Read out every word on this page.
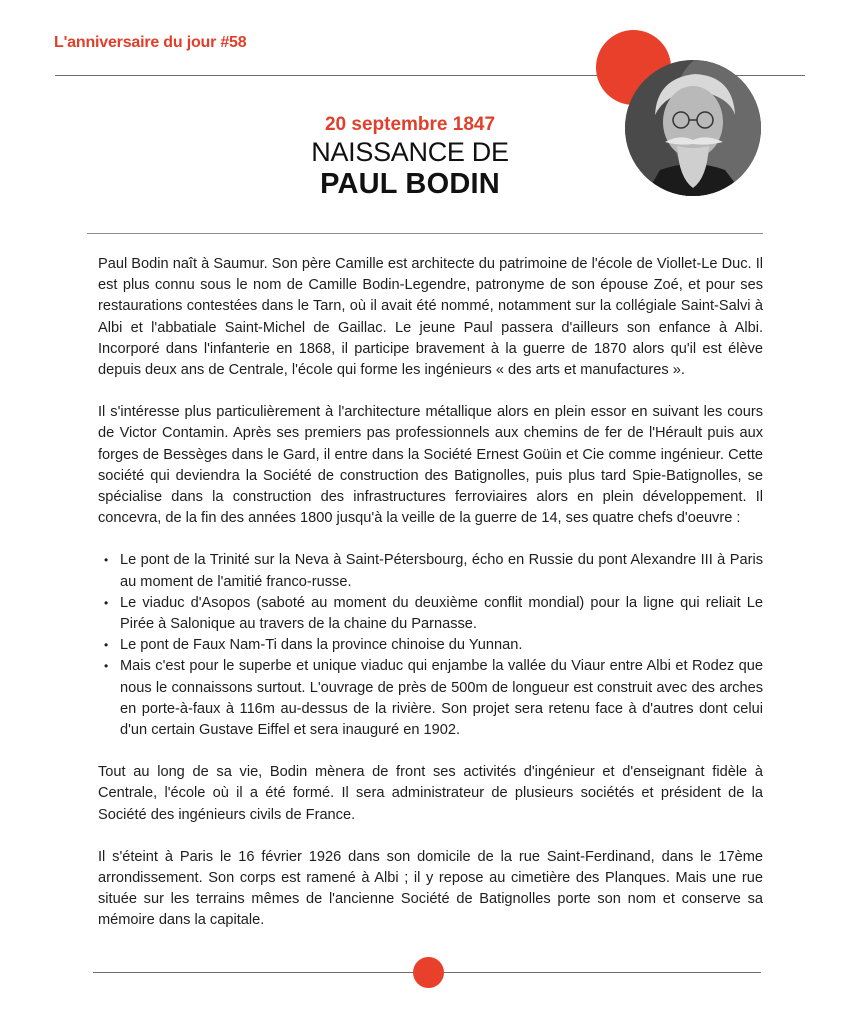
L'anniversaire du jour #58
20 septembre 1847
NAISSANCE DE
PAUL BODIN

Paul Bodin naît à Saumur. Son père Camille est architecte du patrimoine de l'école de Viollet-Le Duc. Il est plus connu sous le nom de Camille Bodin-Legendre, patronyme de son épouse Zoé, et pour ses restaurations contestées dans le Tarn, où il avait été nommé, notamment sur la collégiale Saint-Salvi à Albi et l'abbatiale Saint-Michel de Gaillac. Le jeune Paul passera d'ailleurs son enfance à Albi. Incorporé dans l'infanterie en 1868, il participe bravement à la guerre de 1870 alors qu'il est élève depuis deux ans de Centrale, l'école qui forme les ingénieurs « des arts et manufactures ».

Il s'intéresse plus particulièrement à l'architecture métallique alors en plein essor en suivant les cours de Victor Contamin. Après ses premiers pas professionnels aux chemins de fer de l'Hérault puis aux forges de Bessèges dans le Gard, il entre dans la Société Ernest Goüin et Cie comme ingénieur. Cette société qui deviendra la Société de construction des Batignolles, puis plus tard Spie-Batignolles, se spécialise dans la construction des infrastructures ferroviaires alors en plein développement. Il concevra, de la fin des années 1800 jusqu'à la veille de la guerre de 14, ses quatre chefs d'oeuvre :

• Le pont de la Trinité sur la Neva à Saint-Pétersbourg, écho en Russie du pont Alexandre III à Paris au moment de l'amitié franco-russe.
• Le viaduc d'Asopos (saboté au moment du deuxième conflit mondial) pour la ligne qui reliait Le Pirée à Salonique au travers de la chaine du Parnasse.
• Le pont de Faux Nam-Ti dans la province chinoise du Yunnan.
• Mais c'est pour le superbe et unique viaduc qui enjambe la vallée du Viaur entre Albi et Rodez que nous le connaissons surtout. L'ouvrage de près de 500m de longueur est construit avec des arches en porte-à-faux à 116m au-dessus de la rivière. Son projet sera retenu face à d'autres dont celui d'un certain Gustave Eiffel et sera inauguré en 1902.

Tout au long de sa vie, Bodin mènera de front ses activités d'ingénieur et d'enseignant fidèle à Centrale, l'école où il a été formé. Il sera administrateur de plusieurs sociétés et président de la Société des ingénieurs civils de France.

Il s'éteint à Paris le 16 février 1926 dans son domicile de la rue Saint-Ferdinand, dans le 17ème arrondissement. Son corps est ramené à Albi ; il y repose au cimetière des Planques. Mais une rue située sur les terrains mêmes de l'ancienne Société de Batignolles porte son nom et conserve sa mémoire dans la capitale.
